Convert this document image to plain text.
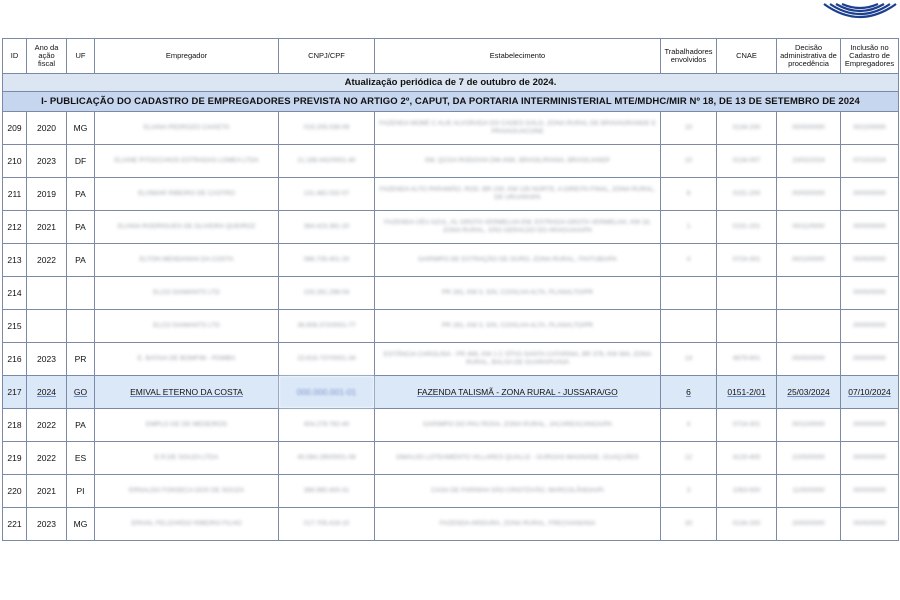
Atualização periódica de 7 de outubro de 2024.									
I- PUBLICAÇÃO DO CADASTRO DE EMPREGADORES PREVISTA NO ARTIGO 2º, CAPUT, DA PORTARIA INTERMINISTERIAL MTE/MDHC/MIR Nº 18, DE 13 DE SETEMBRO DE 2024									
ID	Ano da ação fiscal	UF	Empregador	CNPJ/CPF	Estabelecimento	Trabalhadores envolvidos	CNAE	Decisão administrativa de procedência	Inclusão no Cadastro de Empregadores
209	2020	MG	ELIANA PEDROZO CAIXETA	019.205.036-09	FAZENDA MOBÉ C ALIE ALVORADA DO CADES GALO, ZONA RURAL DE BRAVAGRANDE E PRAIAGUACONE	10	0134-200	00/00/0000	00/10/0000
210	2023	DF	ELIANE PITOCCHIOS ESTRADAS LOMEA LTDA	21.188.442/0001-40	SM, QCGA RODOVIA DM-ANK, BRASILIRANIA, BRASILIANDF	10	0134-007	23/02/2024	07/10/2024
211	2019	PA	ELISMAR RIBEIRO DE CASTRO	131.482.032-07	FAZENDA ALTO PARAMÃO, ROD. BR 230, KM 135 NORTE, A DIREITA FINAL, ZONA RURAL, DE URUARAPA	8	0151-200	00/00/0000	00/00/0000
212	2021	PA	ELIANA RODRIGUES DE OLIVEIRA QUEIROZ	364.423.381-20	FAZENDA CÉU AZUL, AL GROTA VERMELHA EM, ESTRADA GROTA VERMELHA, KM 18, ZONA RURAL, SÃO GERALDO DO ARAGUAIA/PA	1	0151-201	00/11/0000	00/00/0000
213	2022	PA	ELTON MENDANHA DA COSTA	086.735.401-20	GARIMPO DE EXTRAÇÃO DE OURO, ZONA RURAL, ITAITUBA/PA	4	0724-301	00/10/0000	00/00/0000
214			ELCO DIAMANTS LTD	233.281.298-04	PR 281, KM 3, S/N, COXILHA ALTA, PLANALTO/PR				00/00/0000
215			ELCO DIAMANTS LTD	36.908.372/0001-77	PR 281, KM 3, S/N, COXILHA ALTA, PLANALTO/PR				00/00/0000
216	2023	PR	E. BATAIA DE BOMFIM - POMBA	23.818.737/0001-34	ESTÂNCIA CAROLINA - PR 466, KM 1 C SÍTIO SANTA CATARINA, BR 376, KM 384, ZONA RURAL, BALSA DE GUARAPUAVA	14	4679-601	00/00/0000	00/00/0000
217	2024	GO	EMIVAL ETERNO DA COSTA	000.000.001-01	FAZENDA TALISMÃ - ZONA RURAL - JUSSARA/GO	6	0151-2/01	25/03/2024	07/10/2024
218	2022	PA	EMPLO GE DE MEDEIROS	404.278.782-40	GARIMPO DO PAU ROSA, ZONA RURAL, JACAREACANGA/PA	4	0724-301	00/10/0000	00/00/0000
219	2022	ES	E.R.DE SOUZA LTDA	40.084.290/0001-08	DMAUJO LOTEAMENTO VILLARES QUALLE - GUROAS MAGNADE, GUAÇUÍ/ES	12	4120-400	22/00/0000	00/00/0000
220	2021	PI	ERNALDO FONSECA DOS DE SOUZA	366.980.400-31	CASA DE FARINHA SÃO CRISTÓVÃO, MARCOLÂNDIA/PI	3	1063-500	11/00/0000	00/00/0000
221	2023	MG	ERIVAL FELIZARDO RIBEIRO FILHO	017.705.418-10	FAZENDA ARIDURA, ZONA RURAL, FRECHANIANA	20	0134-200	20/00/0000	00/00/0000
